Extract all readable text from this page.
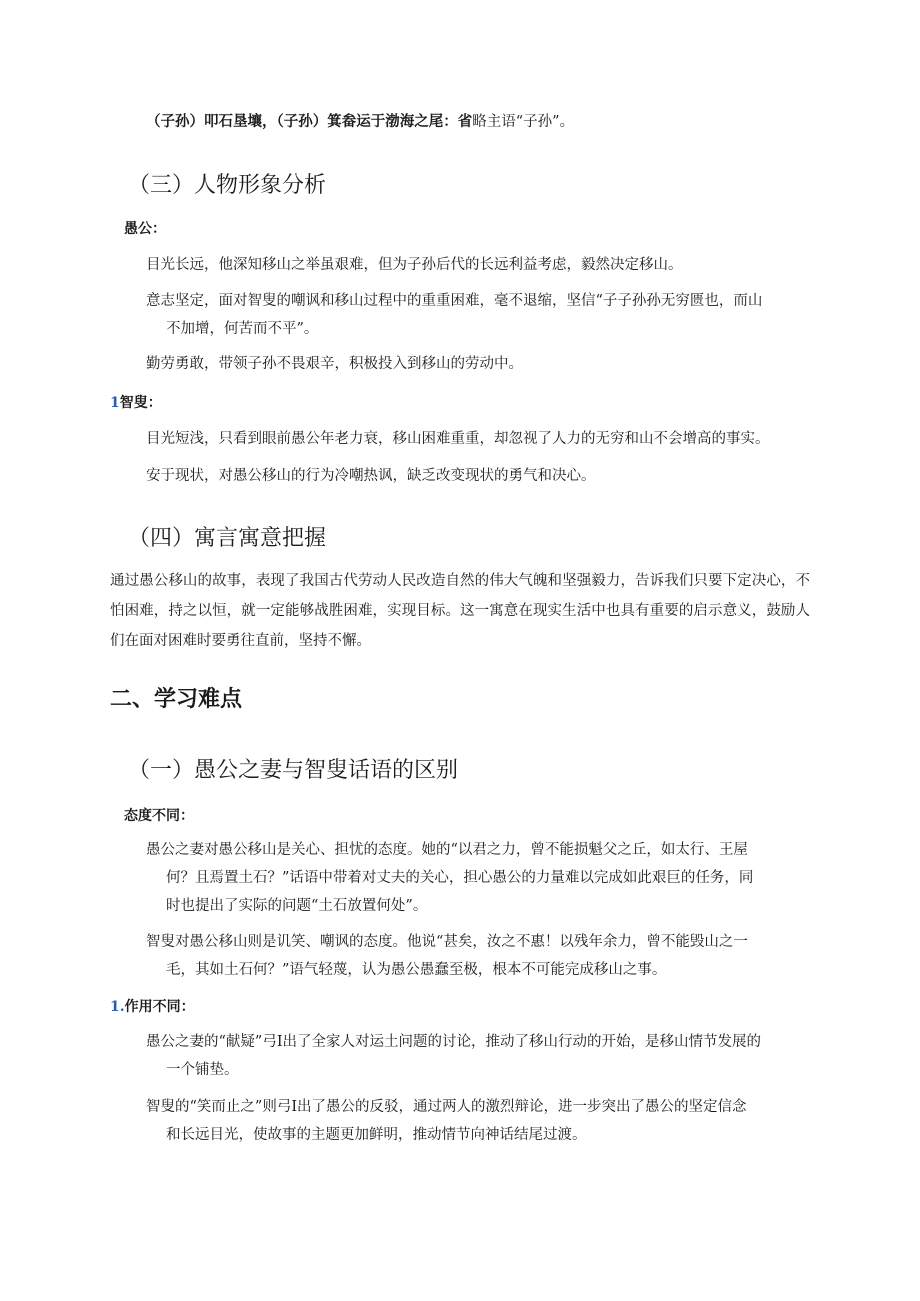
（子孙）叩石垦壤，（子孙）箕畚运于渤海之尾：省略主语“子孙”。
（三）人物形象分析
愚公：
目光长远，他深知移山之举虽艰难，但为子孙后代的长远利益考虑，毅然决定移山。
意志坚定，面对智叟的嘲讽和移山过程中的重重困难，毫不退缩，坚信“子子孙孙无穷匮也，而山
不加增，何苦而不平”。
勤劳勇敢，带领子孙不畏艰辛，积极投入到移山的劳动中。
1智叟：
目光短浅，只看到眼前愚公年老力衰，移山困难重重，却忽视了人力的无穷和山不会增高的事实。
安于现状，对愚公移山的行为冷嘲热讽，缺乏改变现状的勇气和决心。
（四）寓言寓意把握
通过愚公移山的故事，表现了我国古代劳动人民改造自然的伟大气魄和坚强毅力，告诉我们只要下定决心，不怕困难，持之以恒，就一定能够战胜困难，实现目标。这一寓意在现实生活中也具有重要的启示意义，鼓励人们在面对困难时要勇往直前，坚持不懈。
二、学习难点
（一）愚公之妻与智叟话语的区别
态度不同：
愚公之妻对愚公移山是关心、担忧的态度。她的“以君之力，曾不能损魁父之丘，如太行、王屋
何？且焉置土石？”话语中带着对丈夫的关心，担心愚公的力量难以完成如此艰巨的任务，同
时也提出了实际的问题“土石放置何处”。
智叟对愚公移山则是讥笑、嘲讽的态度。他说“甚矣，汝之不惠！以残年余力，曾不能毁山之一
毛，其如土石何？”语气轻蔑，认为愚公愚蠢至极，根本不可能完成移山之事。
1.作用不同：
愚公之妻的“献疑”弓I出了全家人对运土问题的讨论，推动了移山行动的开始，是移山情节发展的
一个铺垫。
智叟的“笑而止之”则弓I出了愚公的反驳，通过两人的激烈辩论，进一步突出了愚公的坚定信念
和长远目光，使故事的主题更加鲜明，推动情节向神话结尾过渡。
